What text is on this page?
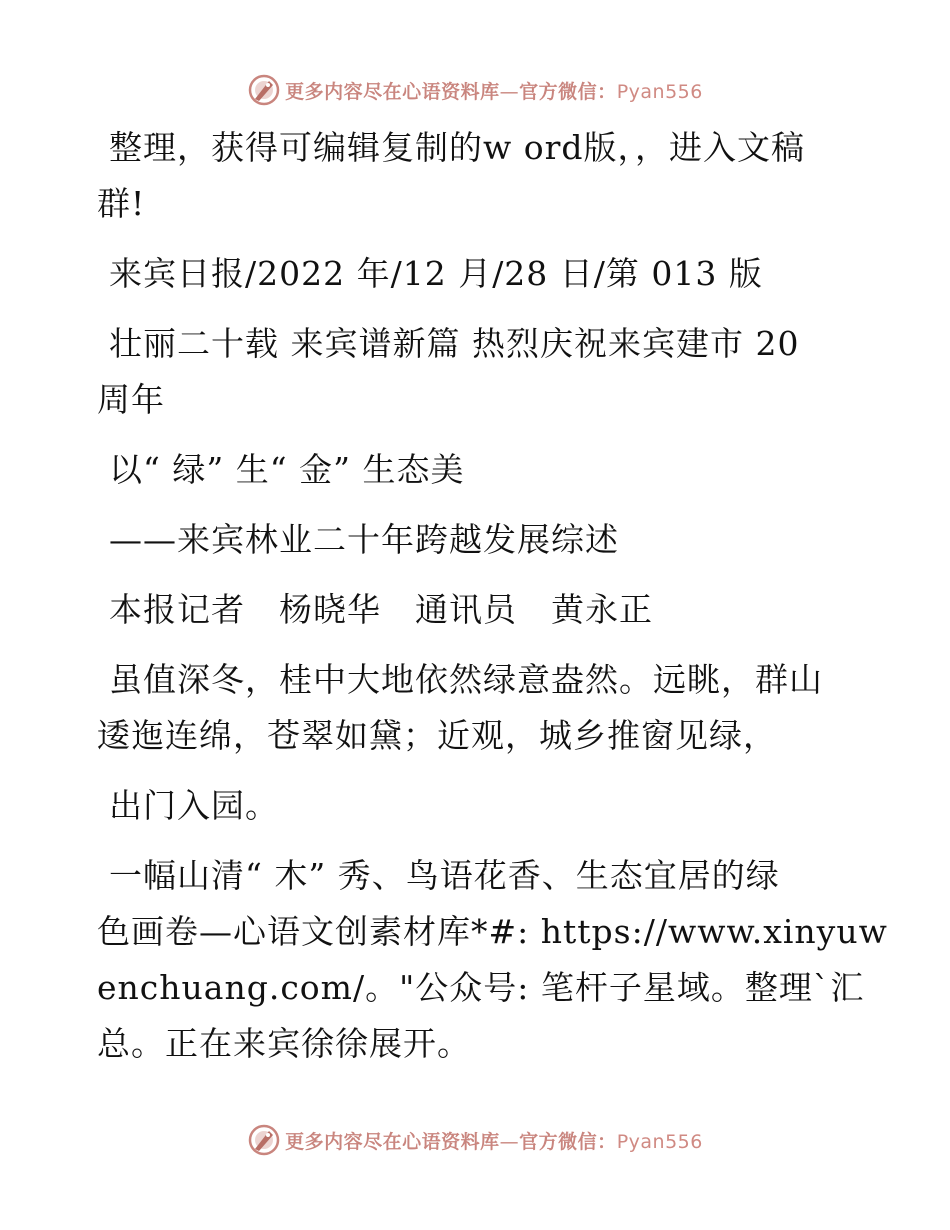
更多内容尽在心语资料库—官方微信：Pyan556

整理，获得可编辑复制的w ord版，，进入文稿
群!

来宾日报/2022 年/12 月/28 日/第 013 版

壮丽二十载 来宾谱新篇 热烈庆祝来宾建市 20
周年

以“ 绿” 生“ 金” 生态美

——来宾林业二十年跨越发展综述

本报记者　杨晓华　通讯员　黄永正

虽值深冬，桂中大地依然绿意盎然。远眺，群山
逶迤连绵，苍翠如黛；近观，城乡推窗见绿，

出门入园。

一幅山清“ 木” 秀、鸟语花香、生态宜居的绿
色画卷—心语文创素材库*#: https://www.xinyuw
enchuang.com/。"公众号: 笔杆子星域。整理`汇
总。正在来宾徐徐展开。

更多内容尽在心语资料库—官方微信：Pyan556
